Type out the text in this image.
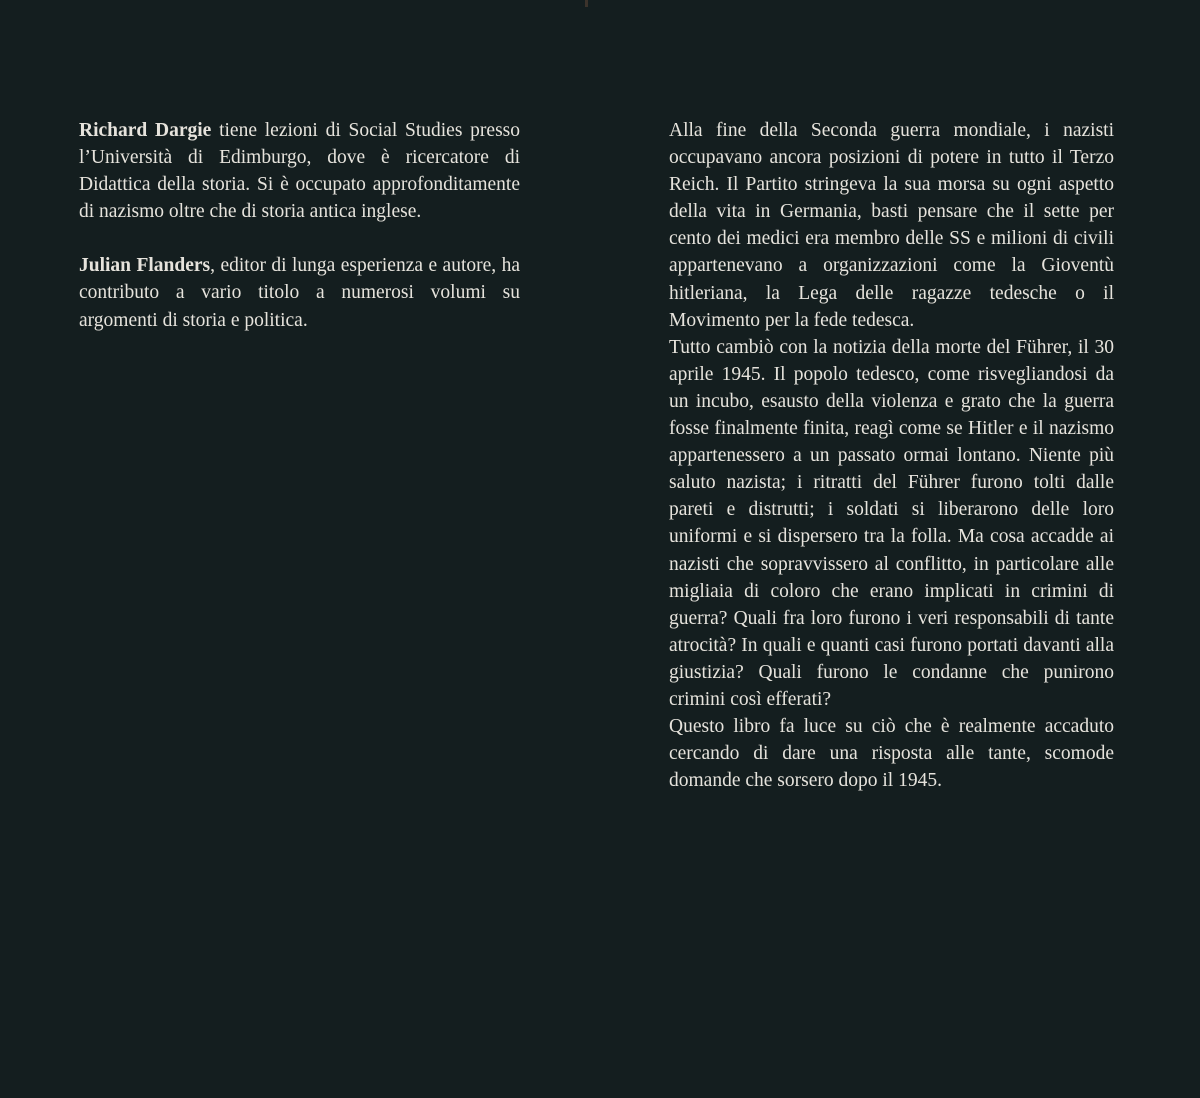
Richard Dargie tiene lezioni di Social Studies presso l’Università di Edimburgo, dove è ricercatore di Didattica della storia. Si è occupato approfonditamente di nazismo oltre che di storia antica inglese.

Julian Flanders, editor di lunga esperienza e autore, ha contributo a vario titolo a numerosi volumi su argomenti di storia e politica.

Alla fine della Seconda guerra mondiale, i nazisti occupavano ancora posizioni di potere in tutto il Terzo Reich. Il Partito stringeva la sua morsa su ogni aspetto della vita in Germania, basti pensare che il sette per cento dei medici era membro delle SS e milioni di civili appartenevano a organizzazioni come la Gioventù hitleriana, la Lega delle ragazze tedesche o il Movimento per la fede tedesca.

Tutto cambiò con la notizia della morte del Führer, il 30 aprile 1945. Il popolo tedesco, come risvegliandosi da un incubo, esausto della violenza e grato che la guerra fosse finalmente finita, reagì come se Hitler e il nazismo appartenessero a un passato ormai lontano. Niente più saluto nazista; i ritratti del Führer furono tolti dalle pareti e distrutti; i soldati si liberarono delle loro uniformi e si dispersero tra la folla. Ma cosa accadde ai nazisti che sopravvissero al conflitto, in particolare alle migliaia di coloro che erano implicati in crimini di guerra? Quali fra loro furono i veri responsabili di tante atrocità? In quali e quanti casi furono portati davanti alla giustizia? Quali furono le condanne che punirono crimini così efferati?

Questo libro fa luce su ciò che è realmente accaduto cercando di dare una risposta alle tante, scomode domande che sorsero dopo il 1945.
